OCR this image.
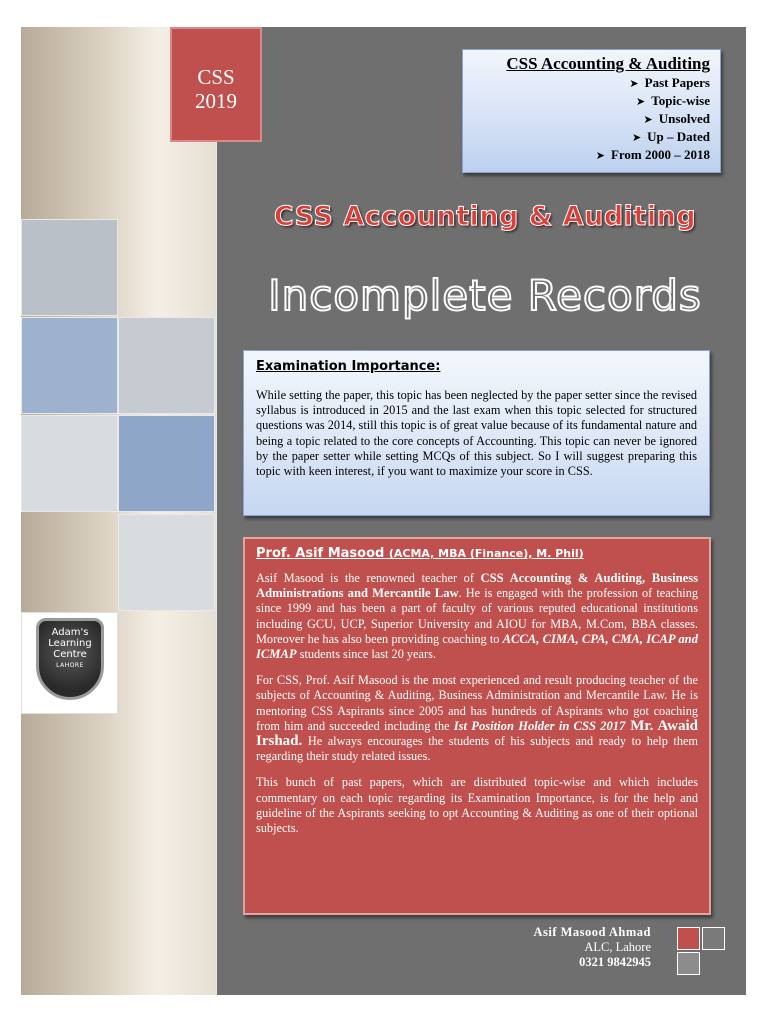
Adam's
Learning
Centre
LAHORE
CSS
2019
CSS Accounting & Auditing
➤ Past Papers
➤ Topic-wise
➤ Unsolved
➤ Up – Dated
➤ From 2000 – 2018
CSS Accounting & Auditing
Incomplete Records
Examination Importance:

While setting the paper, this topic has been neglected by the paper setter since the revised syllabus is introduced in 2015 and the last exam when this topic selected for structured questions was 2014, still this topic is of great value because of its fundamental nature and being a topic related to the core concepts of Accounting. This topic can never be ignored by the paper setter while setting MCQs of this subject. So I will suggest preparing this topic with keen interest, if you want to maximize your score in CSS.

Prof. Asif Masood (ACMA, MBA (Finance), M. Phil)

Asif Masood is the renowned teacher of CSS Accounting & Auditing, Business Administrations and Mercantile Law. He is engaged with the profession of teaching since 1999 and has been a part of faculty of various reputed educational institutions including GCU, UCP, Superior University and AIOU for MBA, M.Com, BBA classes. Moreover he has also been providing coaching to ACCA, CIMA, CPA, CMA, ICAP and ICMAP students since last 20 years.

For CSS, Prof. Asif Masood is the most experienced and result producing teacher of the subjects of Accounting & Auditing, Business Administration and Mercantile Law. He is mentoring CSS Aspirants since 2005 and has hundreds of Aspirants who got coaching from him and succeeded including the Ist Position Holder in CSS 2017 Mr. Awaid Irshad. He always encourages the students of his subjects and ready to help them regarding their study related issues.

This bunch of past papers, which are distributed topic-wise and which includes commentary on each topic regarding its Examination Importance, is for the help and guideline of the Aspirants seeking to opt Accounting & Auditing as one of their optional subjects.

Asif Masood Ahmad
ALC, Lahore
0321 9842945
